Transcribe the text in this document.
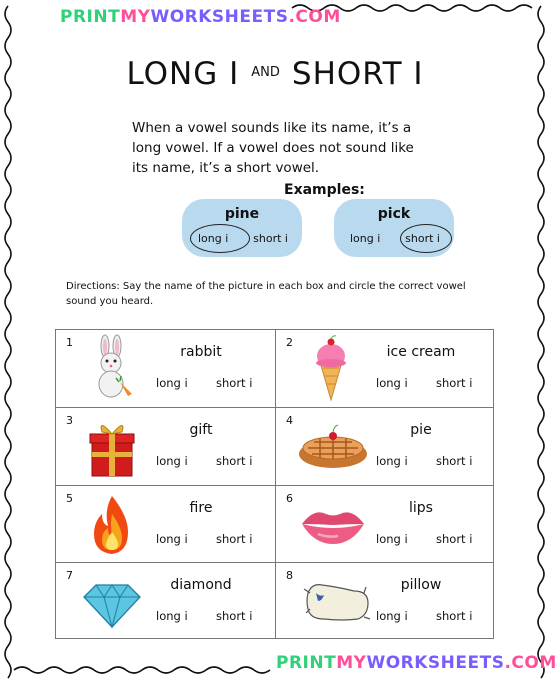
PRINTMYWORKSHEETS.COM
LONG I $^{AND}$ SHORT I
When a vowel sounds like its name, it’s a long vowel. If a vowel does not sound like its name, it’s a short vowel.
Examples:
pine
long i short i
pick
long i short i
Directions: Say the name of the picture in each box and circle the correct vowel sound you heard.
1
rabbit
long i short i
2
ice cream
long i short i
3
gift
long i short i
4
pie
long i short i
5
fire
long i short i
6
lips
long i short i
7
diamond
long i short i
8
pillow
long i short i
PRINTMYWORKSHEETS.COM
